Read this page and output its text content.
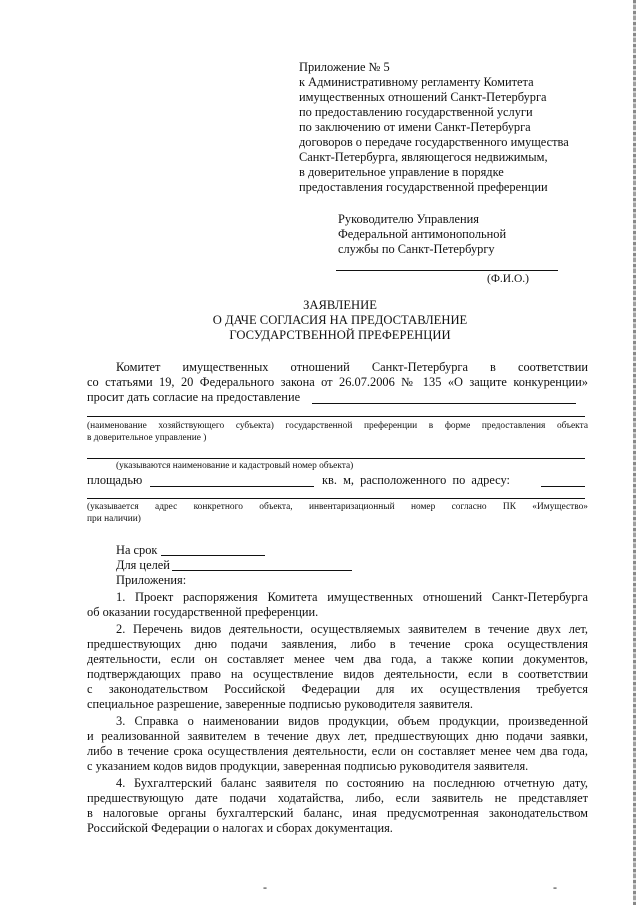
Приложение № 5
к Административному регламенту Комитета
имущественных отношений Санкт-Петербурга
по предоставлению государственной услуги
по заключению от имени Санкт-Петербурга
договоров о передаче государственного имущества
Санкт-Петербурга, являющегося недвижимым,
в доверительное управление в порядке
предоставления государственной преференции
Руководителю Управления
Федеральной антимонопольной
службы по Санкт-Петербургу
(Ф.И.О.)
ЗАЯВЛЕНИЕ
О ДАЧЕ СОГЛАСИЯ НА ПРЕДОСТАВЛЕНИЕ
ГОСУДАРСТВЕННОЙ ПРЕФЕРЕНЦИИ
Комитет имущественных отношений Санкт-Петербурга в соответствии
со статьями 19, 20 Федерального закона от 26.07.2006 № 135 «О защите конкуренции»
просит дать согласие на предоставление
(наименование хозяйствующего субъекта) государственной преференции в форме предоставления объекта
в доверительное управление )
(указываются наименование и кадастровый номер объекта)
площадью	кв. м, расположенного по адресу:
(указывается адрес конкретного объекта, инвентаризационный номер согласно ПК «Имущество»
при наличии)
На срок
Для целей
Приложения:
1. Проект распоряжения Комитета имущественных отношений Санкт-Петербурга
об оказании государственной преференции.
2. Перечень видов деятельности, осуществляемых заявителем в течение двух лет,
предшествующих дню подачи заявления, либо в течение срока осуществления
деятельности, если он составляет менее чем два года, а также копии документов,
подтверждающих право на осуществление видов деятельности, если в соответствии
с законодательством Российской Федерации для их осуществления требуется
специальное разрешение, заверенные подписью руководителя заявителя.
3. Справка о наименовании видов продукции, объем продукции, произведенной
и реализованной заявителем в течение двух лет, предшествующих дню подачи заявки,
либо в течение срока осуществления деятельности, если он составляет менее чем два года,
с указанием кодов видов продукции, заверенная подписью руководителя заявителя.
4. Бухгалтерский баланс заявителя по состоянию на последнюю отчетную дату,
предшествующую дате подачи ходатайства, либо, если заявитель не представляет
в налоговые органы бухгалтерский баланс, иная предусмотренная законодательством
Российской Федерации о налогах и сборах документация.
-	-
